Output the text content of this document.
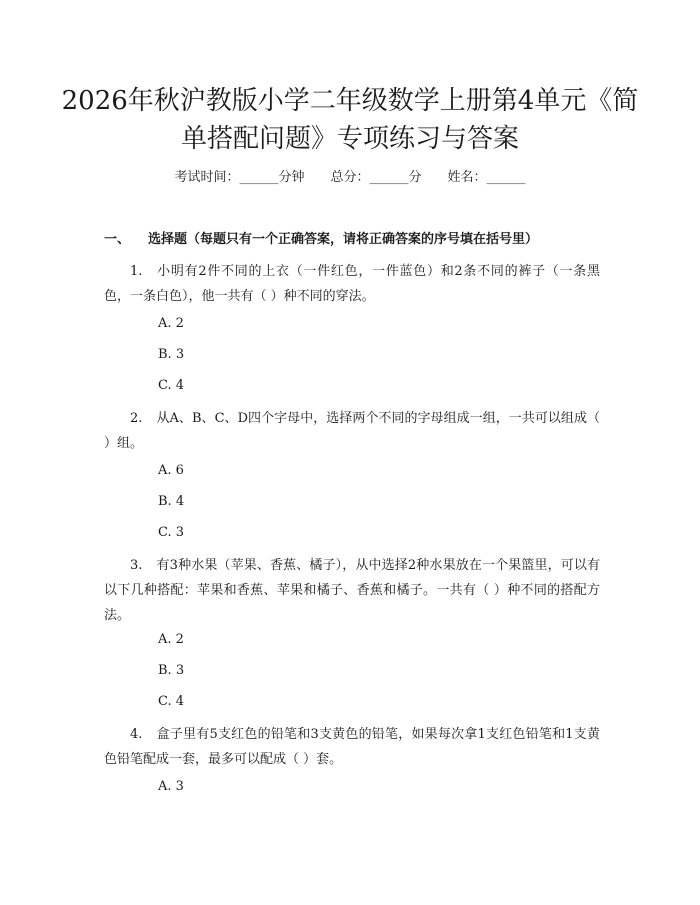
2026年秋沪教版小学二年级数学上册第4单元《简单搭配问题》专项练习与答案
考试时间：______分钟 总分：______分 姓名：______
一、 选择题（每题只有一个正确答案，请将正确答案的序号填在括号里）

1. 小明有2件不同的上衣（一件红色，一件蓝色）和2条不同的裤子（一条黑色，一条白色），他一共有（ ）种不同的穿法。

A. 2
B. 3
C. 4

2. 从A、B、C、D四个字母中，选择两个不同的字母组成一组，一共可以组成（ ）组。

A. 6
B. 4
C. 3

3. 有3种水果（苹果、香蕉、橘子），从中选择2种水果放在一个果篮里，可以有以下几种搭配：苹果和香蕉、苹果和橘子、香蕉和橘子。一共有（ ）种不同的搭配方法。

A. 2
B. 3
C. 4

4. 盒子里有5支红色的铅笔和3支黄色的铅笔，如果每次拿1支红色铅笔和1支黄色铅笔配成一套，最多可以配成（ ）套。

A. 3
